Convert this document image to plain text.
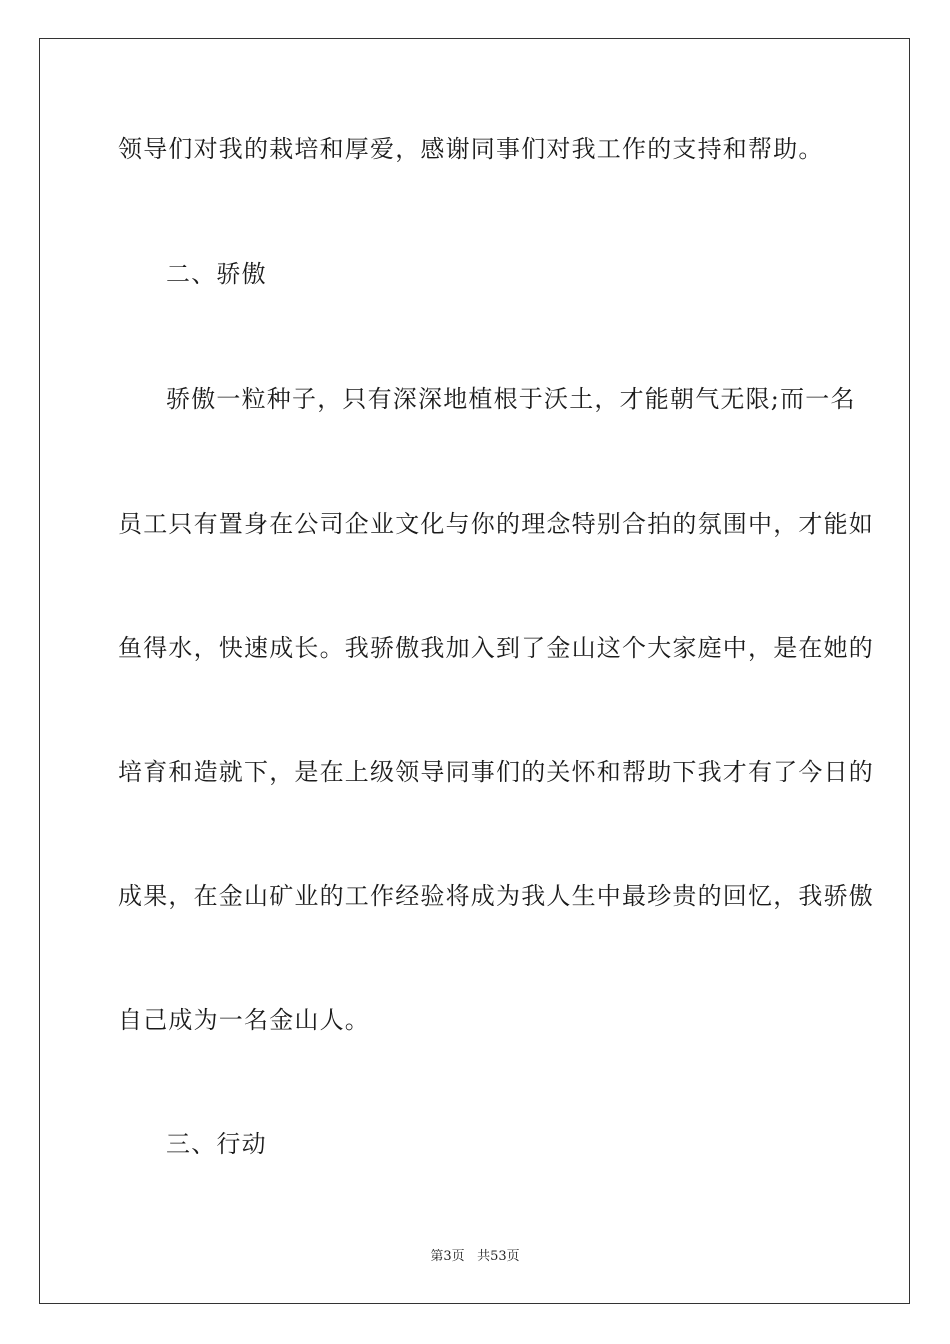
领导们对我的栽培和厚爱，感谢同事们对我工作的支持和帮助。

二、骄傲

骄傲一粒种子，只有深深地植根于沃土，才能朝气无限;而一名

员工只有置身在公司企业文化与你的理念特别合拍的氛围中，才能如

鱼得水，快速成长。我骄傲我加入到了金山这个大家庭中，是在她的

培育和造就下，是在上级领导同事们的关怀和帮助下我才有了今日的

成果，在金山矿业的工作经验将成为我人生中最珍贵的回忆，我骄傲

自己成为一名金山人。

三、行动

第3页 共53页
